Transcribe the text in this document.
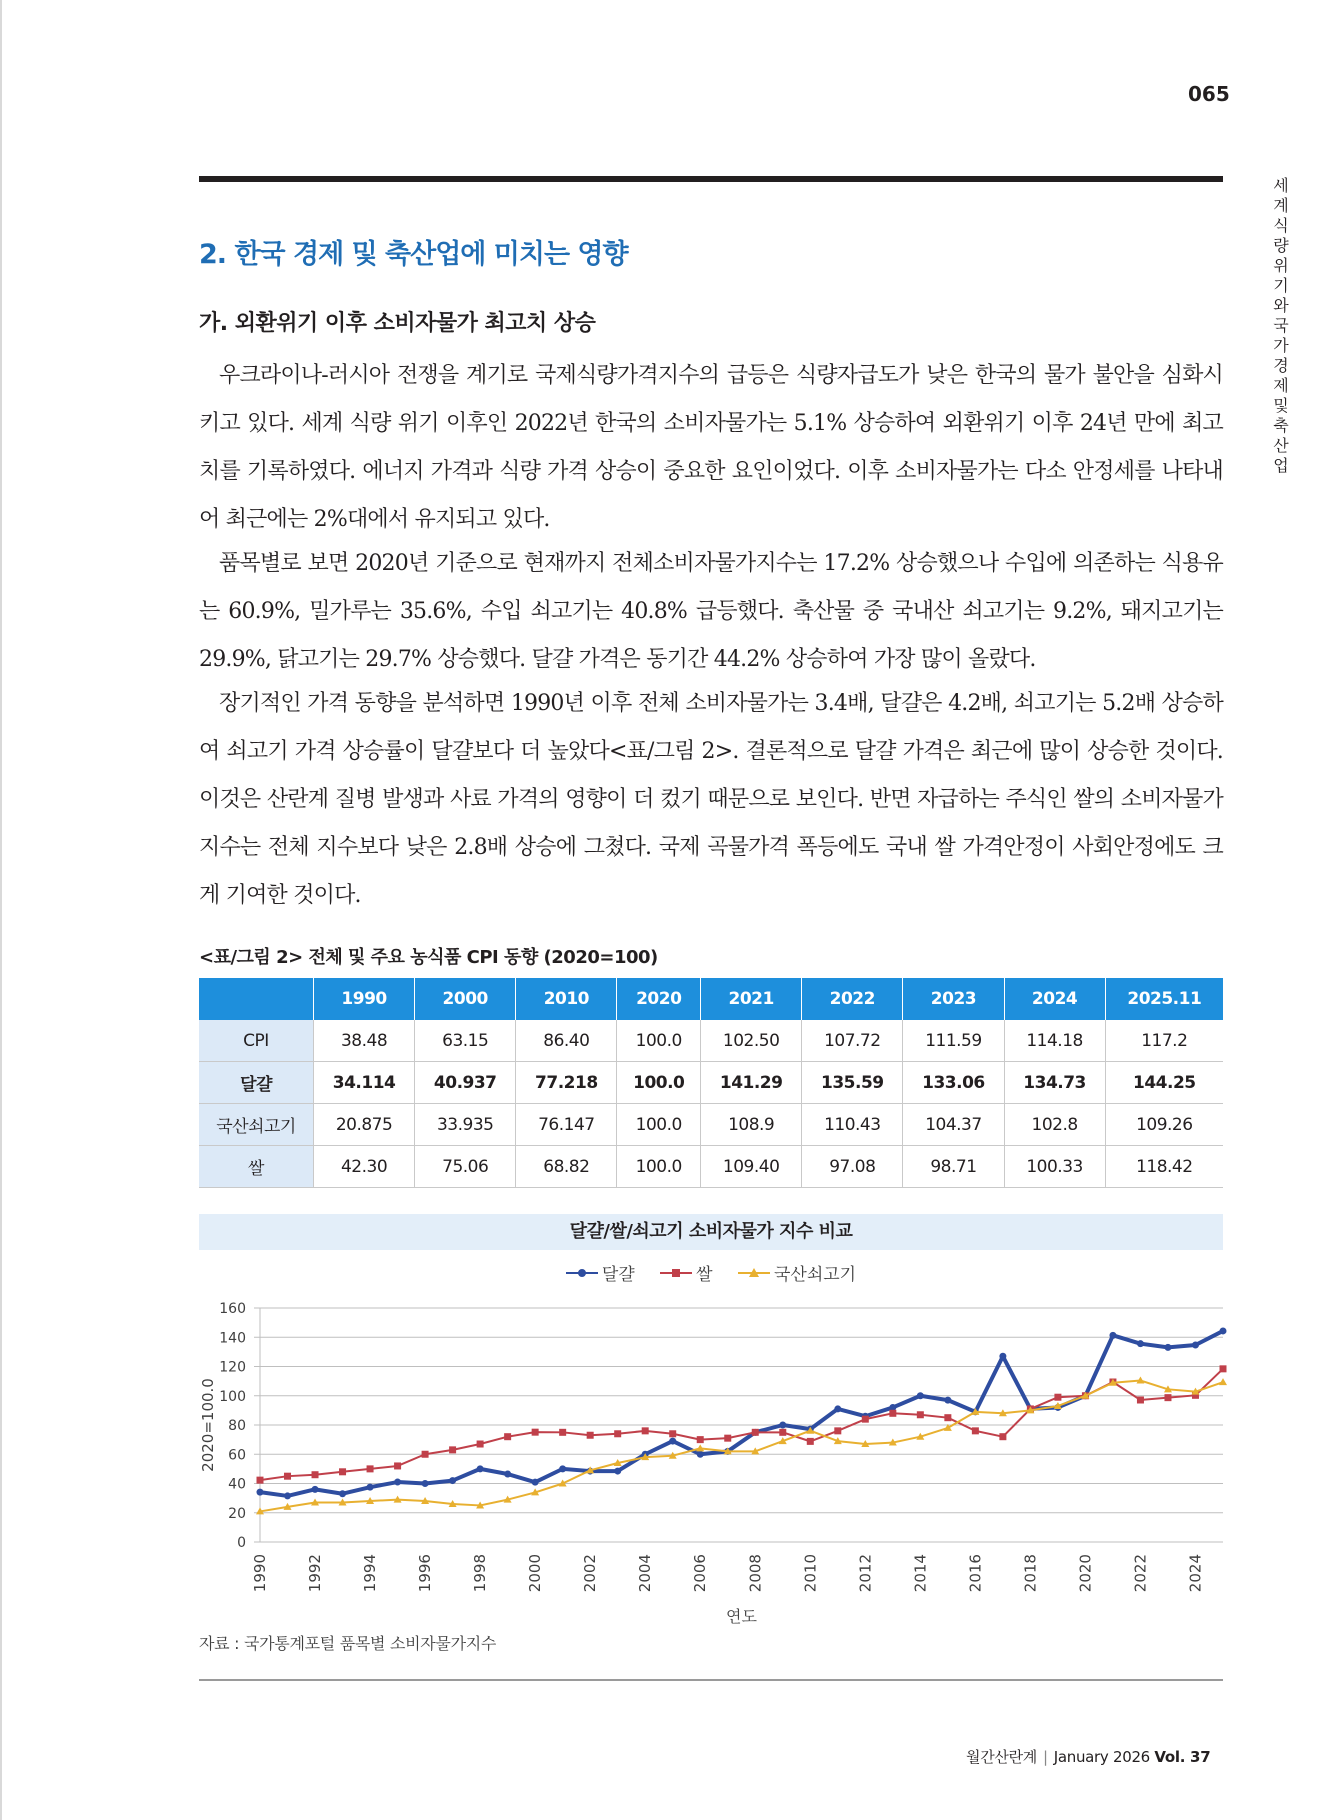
065
세계 식량 위기와 국가 경제 및 축산업
2. 한국 경제 및 축산업에 미치는 영향
가. 외환위기 이후 소비자물가 최고치 상승

우크라이나-러시아 전쟁을 계기로 국제식량가격지수의 급등은 식량자급도가 낮은 한국의 물가 불안을 심화시키고 있다. 세계 식량 위기 이후인 2022년 한국의 소비자물가는 5.1% 상승하여 외환위기 이후 24년 만에 최고치를 기록하였다. 에너지 가격과 식량 가격 상승이 중요한 요인이었다. 이후 소비자물가는 다소 안정세를 나타내어 최근에는 2%대에서 유지되고 있다.

품목별로 보면 2020년 기준으로 현재까지 전체소비자물가지수는 17.2% 상승했으나 수입에 의존하는 식용유는 60.9%, 밀가루는 35.6%, 수입 쇠고기는 40.8% 급등했다. 축산물 중 국내산 쇠고기는 9.2%, 돼지고기는 29.9%, 닭고기는 29.7% 상승했다. 달걀 가격은 동기간 44.2% 상승하여 가장 많이 올랐다.

장기적인 가격 동향을 분석하면 1990년 이후 전체 소비자물가는 3.4배, 달걀은 4.2배, 쇠고기는 5.2배 상승하여 쇠고기 가격 상승률이 달걀보다 더 높았다<표/그림 2>. 결론적으로 달걀 가격은 최근에 많이 상승한 것이다. 이것은 산란계 질병 발생과 사료 가격의 영향이 더 컸기 때문으로 보인다. 반면 자급하는 주식인 쌀의 소비자물가지수는 전체 지수보다 낮은 2.8배 상승에 그쳤다. 국제 곡물가격 폭등에도 국내 쌀 가격안정이 사회안정에도 크게 기여한 것이다.

<표/그림 2> 전체 및 주요 농식품 CPI 동향 (2020=100)
	1990	2000	2010	2020	2021	2022	2023	2024	2025.11
CPI	38.48	63.15	86.40	100.0	102.50	107.72	111.59	114.18	117.2
달걀	34.114	40.937	77.218	100.0	141.29	135.59	133.06	134.73	144.25
국산쇠고기	20.875	33.935	76.147	100.0	108.9	110.43	104.37	102.8	109.26
쌀	42.30	75.06	68.82	100.0	109.40	97.08	98.71	100.33	118.42
달걀/쌀/쇠고기 소비자물가 지수 비교
달걀
	쌀
	국산쇠고기
0
20
40
60
80
100
120
140
160
1990 1992 1994 1996 1998 2000 2002 2004 2006 2008 2010 2012 2014 2016 2018 2020 2022 2024
2020=100.0
연도
자료 : 국가통계포털 품목별 소비자물가지수
월간산란계 | January 2026 Vol. 37
